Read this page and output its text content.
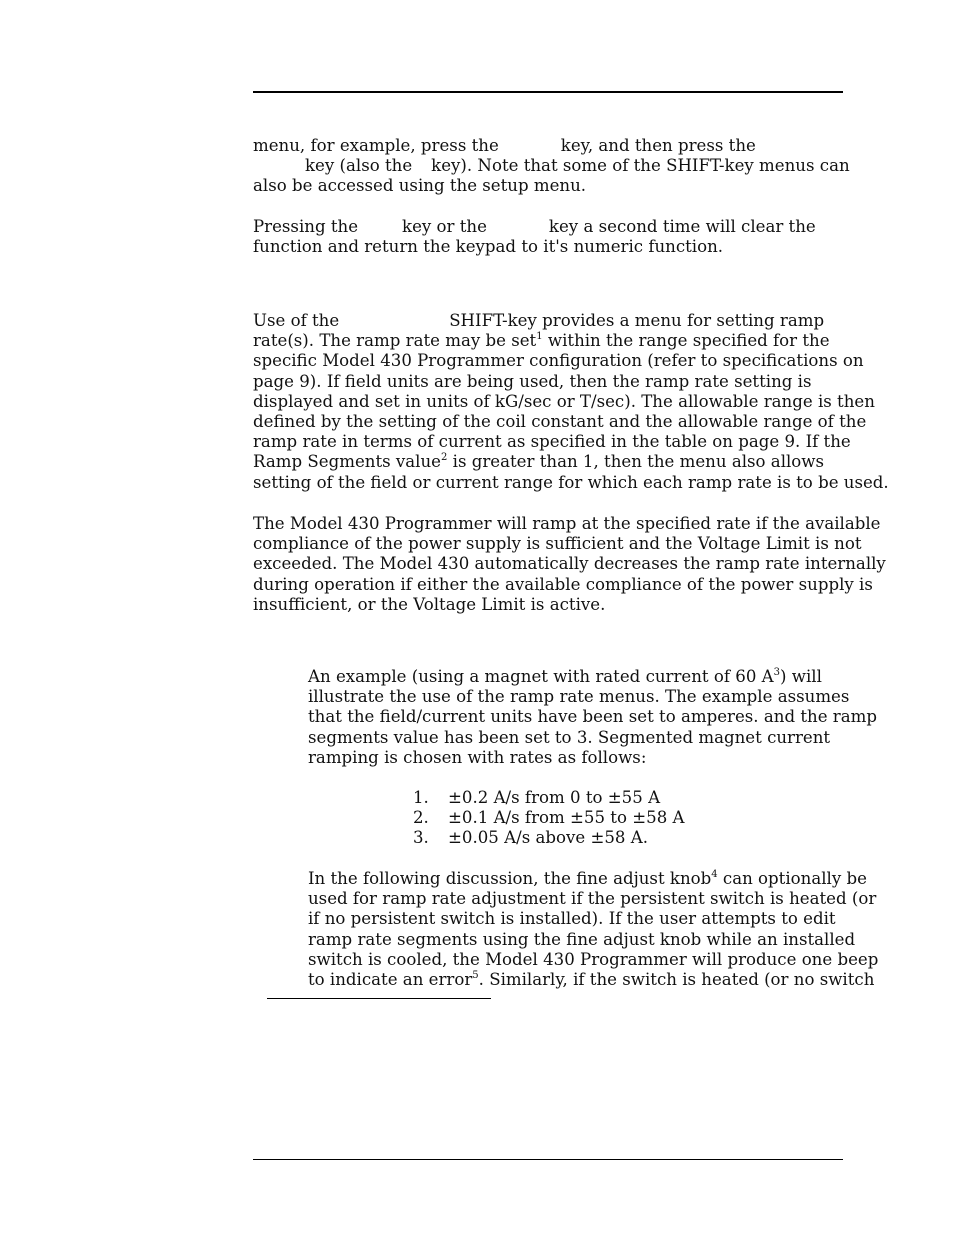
menu, for example, press the	key, and then press the
key (also the key). Note that some of the SHIFT-key menus can
also be accessed using the setup menu.

Pressing the	key or the	key a second time will clear the
function and return the keypad to it's numeric function.

Use of the	SHIFT-key provides a menu for setting ramp
rate(s). The ramp rate may be set$^1$ within the range specified for the
specific Model 430 Programmer configuration (refer to specifications on
page 9). If field units are being used, then the ramp rate setting is
displayed and set in units of kG/sec or T/sec). The allowable range is then
defined by the setting of the coil constant and the allowable range of the
ramp rate in terms of current as specified in the table on page 9. If the
Ramp Segments value$^2$ is greater than 1, then the menu also allows
setting of the field or current range for which each ramp rate is to be used.

The Model 430 Programmer will ramp at the specified rate if the available
compliance of the power supply is sufficient and the Voltage Limit is not
exceeded. The Model 430 automatically decreases the ramp rate internally
during operation if either the available compliance of the power supply is
insufficient, or the Voltage Limit is active.

An example (using a magnet with rated current of 60 $A^3$) will
illustrate the use of the ramp rate menus. The example assumes
that the field/current units have been set to amperes. and the ramp
segments value has been set to 3. Segmented magnet current
ramping is chosen with rates as follows:

1. ±0.2 A/s from 0 to ±55 A
2. ±0.1 A/s from ±55 to ±58 A
3. ±0.05 A/s above ±58 A.

In the following discussion, the fine adjust knob$^4$ can optionally be
used for ramp rate adjustment if the persistent switch is heated (or
if no persistent switch is installed). If the user attempts to edit
ramp rate segments using the fine adjust knob while an installed
switch is cooled, the Model 430 Programmer will produce one beep
to indicate an error$^5$. Similarly, if the switch is heated (or no switch
